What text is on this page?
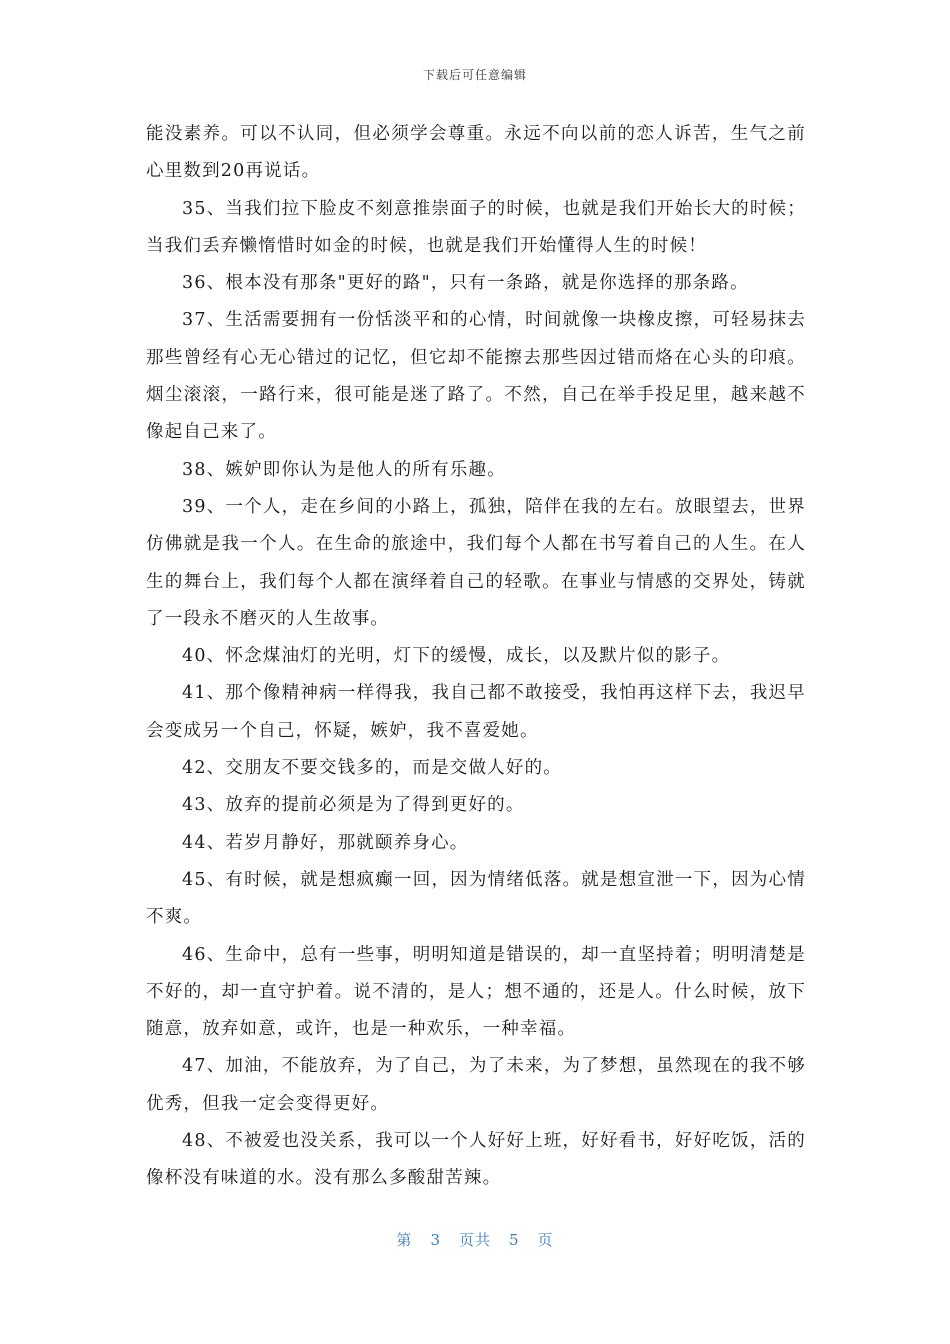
下载后可任意编辑

能没素养。可以不认同，但必须学会尊重。永远不向以前的恋人诉苦，生气之前心里数到20再说话。

35、当我们拉下脸皮不刻意推崇面子的时候，也就是我们开始长大的时候；当我们丢弃懒惰惜时如金的时候，也就是我们开始懂得人生的时候！

36、根本没有那条"更好的路"，只有一条路，就是你选择的那条路。

37、生活需要拥有一份恬淡平和的心情，时间就像一块橡皮擦，可轻易抹去那些曾经有心无心错过的记忆，但它却不能擦去那些因过错而烙在心头的印痕。烟尘滚滚，一路行来，很可能是迷了路了。不然，自己在举手投足里，越来越不像起自己来了。

38、嫉妒即你认为是他人的所有乐趣。

39、一个人，走在乡间的小路上，孤独，陪伴在我的左右。放眼望去，世界仿佛就是我一个人。在生命的旅途中，我们每个人都在书写着自己的人生。在人生的舞台上，我们每个人都在演绎着自己的轻歌。在事业与情感的交界处，铸就了一段永不磨灭的人生故事。

40、怀念煤油灯的光明，灯下的缓慢，成长，以及默片似的影子。

41、那个像精神病一样得我，我自己都不敢接受，我怕再这样下去，我迟早会变成另一个自己，怀疑，嫉妒，我不喜爱她。

42、交朋友不要交钱多的，而是交做人好的。

43、放弃的提前必须是为了得到更好的。

44、若岁月静好，那就颐养身心。

45、有时候，就是想疯癫一回，因为情绪低落。就是想宣泄一下，因为心情不爽。

46、生命中，总有一些事，明明知道是错误的，却一直坚持着；明明清楚是不好的，却一直守护着。说不清的，是人；想不通的，还是人。什么时候，放下随意，放弃如意，或许，也是一种欢乐，一种幸福。

47、加油，不能放弃，为了自己，为了未来，为了梦想，虽然现在的我不够优秀，但我一定会变得更好。

48、不被爱也没关系，我可以一个人好好上班，好好看书，好好吃饭，活的像杯没有味道的水。没有那么多酸甜苦辣。

第 3 页共 5 页
